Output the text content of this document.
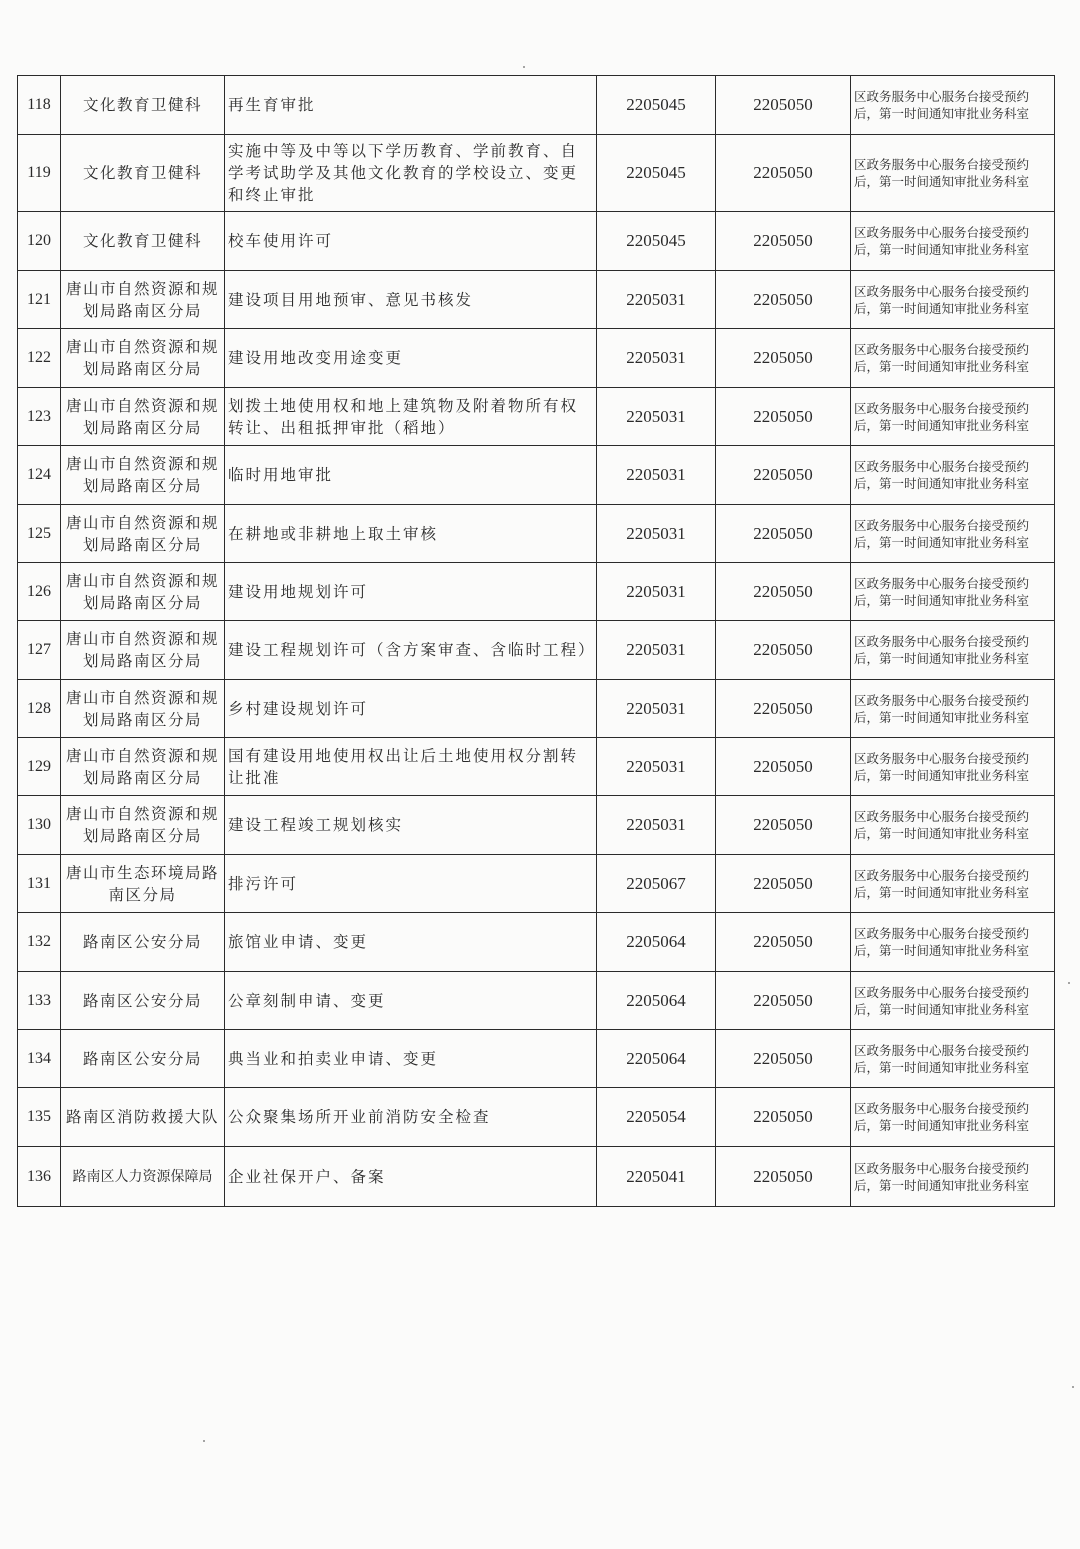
118	文化教育卫健科	再生育审批	2205045	2205050	区政务服务中心服务台接受预约后，第一时间通知审批业务科室
119	文化教育卫健科	实施中等及中等以下学历教育、学前教育、自学考试助学及其他文化教育的学校设立、变更和终止审批	2205045	2205050	区政务服务中心服务台接受预约后，第一时间通知审批业务科室
120	文化教育卫健科	校车使用许可	2205045	2205050	区政务服务中心服务台接受预约后，第一时间通知审批业务科室
121	唐山市自然资源和规划局路南区分局	建设项目用地预审、意见书核发	2205031	2205050	区政务服务中心服务台接受预约后，第一时间通知审批业务科室
122	唐山市自然资源和规划局路南区分局	建设用地改变用途变更	2205031	2205050	区政务服务中心服务台接受预约后，第一时间通知审批业务科室
123	唐山市自然资源和规划局路南区分局	划拨土地使用权和地上建筑物及附着物所有权转让、出租抵押审批（稻地）	2205031	2205050	区政务服务中心服务台接受预约后，第一时间通知审批业务科室
124	唐山市自然资源和规划局路南区分局	临时用地审批	2205031	2205050	区政务服务中心服务台接受预约后，第一时间通知审批业务科室
125	唐山市自然资源和规划局路南区分局	在耕地或非耕地上取土审核	2205031	2205050	区政务服务中心服务台接受预约后，第一时间通知审批业务科室
126	唐山市自然资源和规划局路南区分局	建设用地规划许可	2205031	2205050	区政务服务中心服务台接受预约后，第一时间通知审批业务科室
127	唐山市自然资源和规划局路南区分局	建设工程规划许可（含方案审查、含临时工程）	2205031	2205050	区政务服务中心服务台接受预约后，第一时间通知审批业务科室
128	唐山市自然资源和规划局路南区分局	乡村建设规划许可	2205031	2205050	区政务服务中心服务台接受预约后，第一时间通知审批业务科室
129	唐山市自然资源和规划局路南区分局	国有建设用地使用权出让后土地使用权分割转让批准	2205031	2205050	区政务服务中心服务台接受预约后，第一时间通知审批业务科室
130	唐山市自然资源和规划局路南区分局	建设工程竣工规划核实	2205031	2205050	区政务服务中心服务台接受预约后，第一时间通知审批业务科室
131	唐山市生态环境局路南区分局	排污许可	2205067	2205050	区政务服务中心服务台接受预约后，第一时间通知审批业务科室
132	路南区公安分局	旅馆业申请、变更	2205064	2205050	区政务服务中心服务台接受预约后，第一时间通知审批业务科室
133	路南区公安分局	公章刻制申请、变更	2205064	2205050	区政务服务中心服务台接受预约后，第一时间通知审批业务科室
134	路南区公安分局	典当业和拍卖业申请、变更	2205064	2205050	区政务服务中心服务台接受预约后，第一时间通知审批业务科室
135	路南区消防救援大队	公众聚集场所开业前消防安全检查	2205054	2205050	区政务服务中心服务台接受预约后，第一时间通知审批业务科室
136	路南区人力资源保障局	企业社保开户、备案	2205041	2205050	区政务服务中心服务台接受预约后，第一时间通知审批业务科室
